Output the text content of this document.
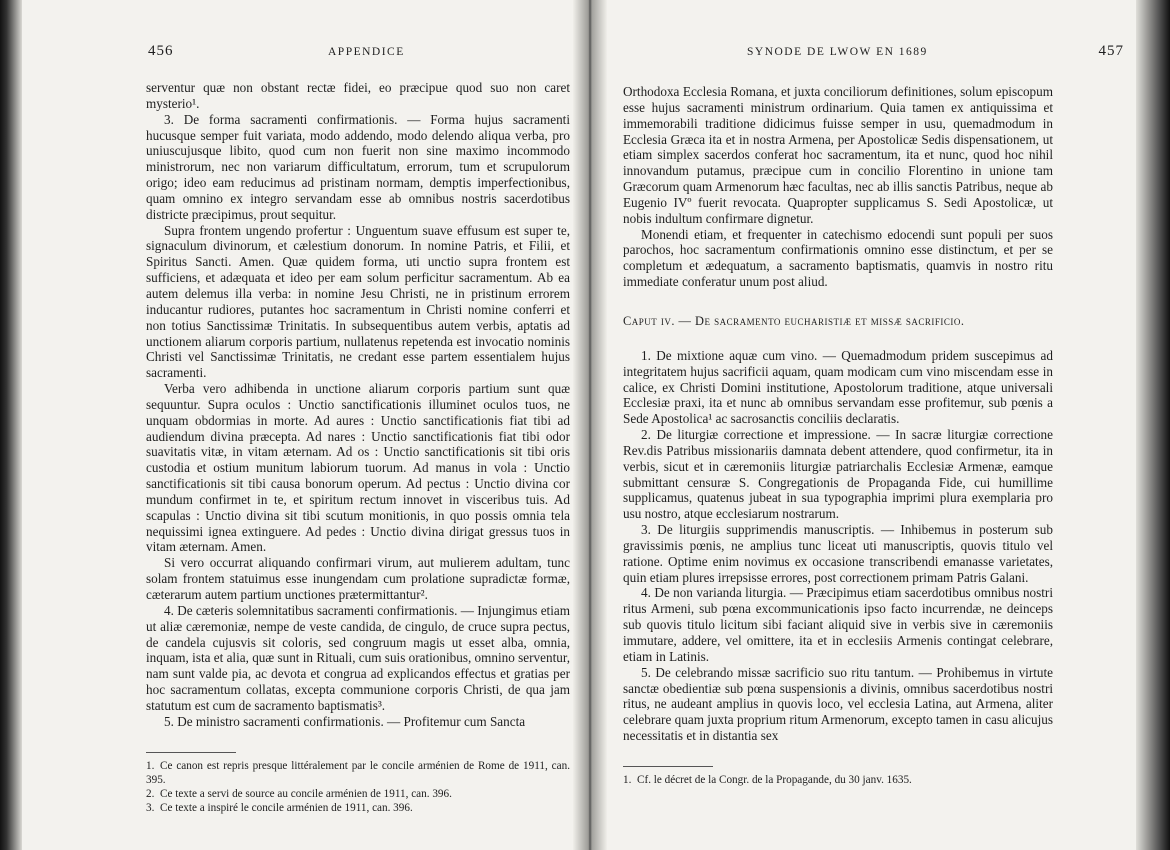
456	APPENDICE

serventur quæ non obstant rectæ fidei, eo præcipue quod suo non caret mysterio¹.

3. De forma sacramenti confirmationis. — Forma hujus sacramenti hucusque semper fuit variata, modo addendo, modo delendo aliqua verba, pro uniuscujusque libito, quod cum non fuerit non sine maximo incommodo ministrorum, nec non variarum difficultatum, errorum, tum et scrupulorum origo; ideo eam reducimus ad pristinam normam, demptis imperfectionibus, quam omnino ex integro servandam esse ab omnibus nostris sacerdotibus districte præcipimus, prout sequitur.

Supra frontem ungendo profertur : Unguentum suave effusum est super te, signaculum divinorum, et cælestium donorum. In nomine Patris, et Filii, et Spiritus Sancti. Amen. Quæ quidem forma, uti unctio supra frontem est sufficiens, et adæquata et ideo per eam solum perficitur sacramentum. Ab ea autem delemus illa verba: in nomine Jesu Christi, ne in pristinum errorem inducantur rudiores, putantes hoc sacramentum in Christi nomine conferri et non totius Sanctissimæ Trinitatis. In subsequentibus autem verbis, aptatis ad unctionem aliarum corporis partium, nullatenus repetenda est invocatio nominis Christi vel Sanctissimæ Trinitatis, ne credant esse partem essentialem hujus sacramenti.

Verba vero adhibenda in unctione aliarum corporis partium sunt quæ sequuntur. Supra oculos : Unctio sanctificationis illuminet oculos tuos, ne unquam obdormias in morte. Ad aures : Unctio sanctificationis fiat tibi ad audiendum divina præcepta. Ad nares : Unctio sanctificationis fiat tibi odor suavitatis vitæ, in vitam æternam. Ad os : Unctio sanctificationis sit tibi oris custodia et ostium munitum labiorum tuorum. Ad manus in vola : Unctio sanctificationis sit tibi causa bonorum operum. Ad pectus : Unctio divina cor mundum confirmet in te, et spiritum rectum innovet in visceribus tuis. Ad scapulas : Unctio divina sit tibi scutum monitionis, in quo possis omnia tela nequissimi ignea extinguere. Ad pedes : Unctio divina dirigat gressus tuos in vitam æternam. Amen.

Si vero occurrat aliquando confirmari virum, aut mulierem adultam, tunc solam frontem statuimus esse inungendam cum prolatione supradictæ formæ, cæterarum autem partium unctiones prætermittantur².

4. De cæteris solemnitatibus sacramenti confirmationis. — Injungimus etiam ut aliæ cæremoniæ, nempe de veste candida, de cingulo, de cruce supra pectus, de candela cujusvis sit coloris, sed congruum magis ut esset alba, omnia, inquam, ista et alia, quæ sunt in Rituali, cum suis orationibus, omnino serventur, nam sunt valde pia, ac devota et congrua ad explicandos effectus et gratias per hoc sacramentum collatas, excepta communione corporis Christi, de qua jam statutum est cum de sacramento baptismatis³.

5. De ministro sacramenti confirmationis. — Profitemur cum Sancta

1. Ce canon est repris presque littéralement par le concile arménien de Rome de 1911, can. 395.

2. Ce texte a servi de source au concile arménien de 1911, can. 396.

3. Ce texte a inspiré le concile arménien de 1911, can. 396.

SYNODE DE LWOW EN 1689	457

Orthodoxa Ecclesia Romana, et juxta conciliorum definitiones, solum episcopum esse hujus sacramenti ministrum ordinarium. Quia tamen ex antiquissima et immemorabili traditione didicimus fuisse semper in usu, quemadmodum in Ecclesia Græca ita et in nostra Armena, per Apostolicæ Sedis dispensationem, ut etiam simplex sacerdos conferat hoc sacramentum, ita et nunc, quod hoc nihil innovandum putamus, præcipue cum in concilio Florentino in unione tam Græcorum quam Armenorum hæc facultas, nec ab illis sanctis Patribus, neque ab Eugenio IVº fuerit revocata. Quapropter supplicamus S. Sedi Apostolicæ, ut nobis indultum confirmare dignetur.

Monendi etiam, et frequenter in catechismo edocendi sunt populi per suos parochos, hoc sacramentum confirmationis omnino esse distinctum, et per se completum et ædequatum, a sacramento baptismatis, quamvis in nostro ritu immediate conferatur unum post aliud.

Caput iv. — De sacramento eucharistiæ et missæ sacrificio.

1. De mixtione aquæ cum vino. — Quemadmodum pridem suscepimus ad integritatem hujus sacrificii aquam, quam modicam cum vino miscendam esse in calice, ex Christi Domini institutione, Apostolorum traditione, atque universali Ecclesiæ praxi, ita et nunc ab omnibus servandam esse profitemur, sub pœnis a Sede Apostolica¹ ac sacrosanctis conciliis declaratis.

2. De liturgiæ correctione et impressione. — In sacræ liturgiæ correctione Rev.dis Patribus missionariis damnata debent attendere, quod confirmetur, ita in verbis, sicut et in cæremoniis liturgiæ patriarchalis Ecclesiæ Armenæ, eamque submittant censuræ S. Congregationis de Propaganda Fide, cui humillime supplicamus, quatenus jubeat in sua typographia imprimi plura exemplaria pro usu nostro, atque ecclesiarum nostrarum.

3. De liturgiis supprimendis manuscriptis. — Inhibemus in posterum sub gravissimis pœnis, ne amplius tunc liceat uti manuscriptis, quovis titulo vel ratione. Optime enim novimus ex occasione transcribendi emanasse varietates, quin etiam plures irrepsisse errores, post correctionem primam Patris Galani.

4. De non varianda liturgia. — Præcipimus etiam sacerdotibus omnibus nostri ritus Armeni, sub pœna excommunicationis ipso facto incurrendæ, ne deinceps sub quovis titulo licitum sibi faciant aliquid sive in verbis sive in cæremoniis immutare, addere, vel omittere, ita et in ecclesiis Armenis contingat celebrare, etiam in Latinis.

5. De celebrando missæ sacrificio suo ritu tantum. — Prohibemus in virtute sanctæ obedientiæ sub pœna suspensionis a divinis, omnibus sacerdotibus nostri ritus, ne audeant amplius in quovis loco, vel ecclesia Latina, aut Armena, aliter celebrare quam juxta proprium ritum Armenorum, excepto tamen in casu alicujus necessitatis et in distantia sex

1. Cf. le décret de la Congr. de la Propagande, du 30 janv. 1635.
